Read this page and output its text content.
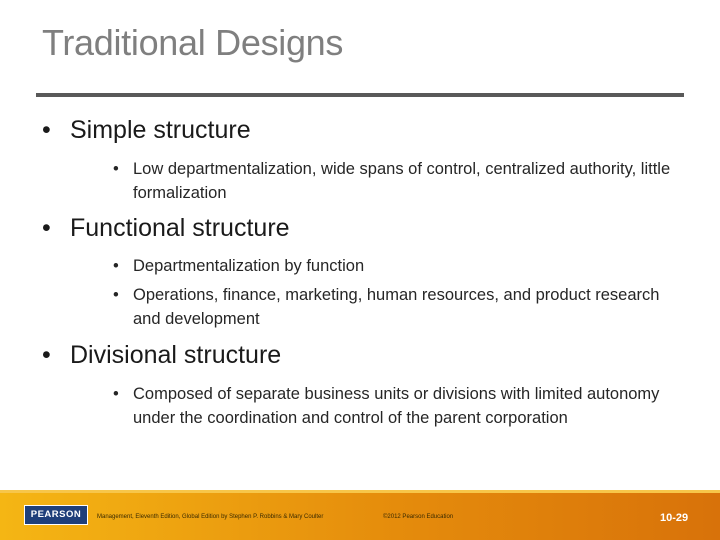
Traditional Designs
• Simple structure
• Low departmentalization, wide spans of control, centralized authority, little formalization
• Functional structure
• Departmentalization by function
• Operations, finance, marketing, human resources, and product research and development
• Divisional structure
• Composed of separate business units or divisions with limited autonomy under the coordination and control of the parent corporation
PEARSON	Management, Eleventh Edition, Global Edition by Stephen P. Robbins & Mary Coulter	©2012 Pearson Education	10-29
